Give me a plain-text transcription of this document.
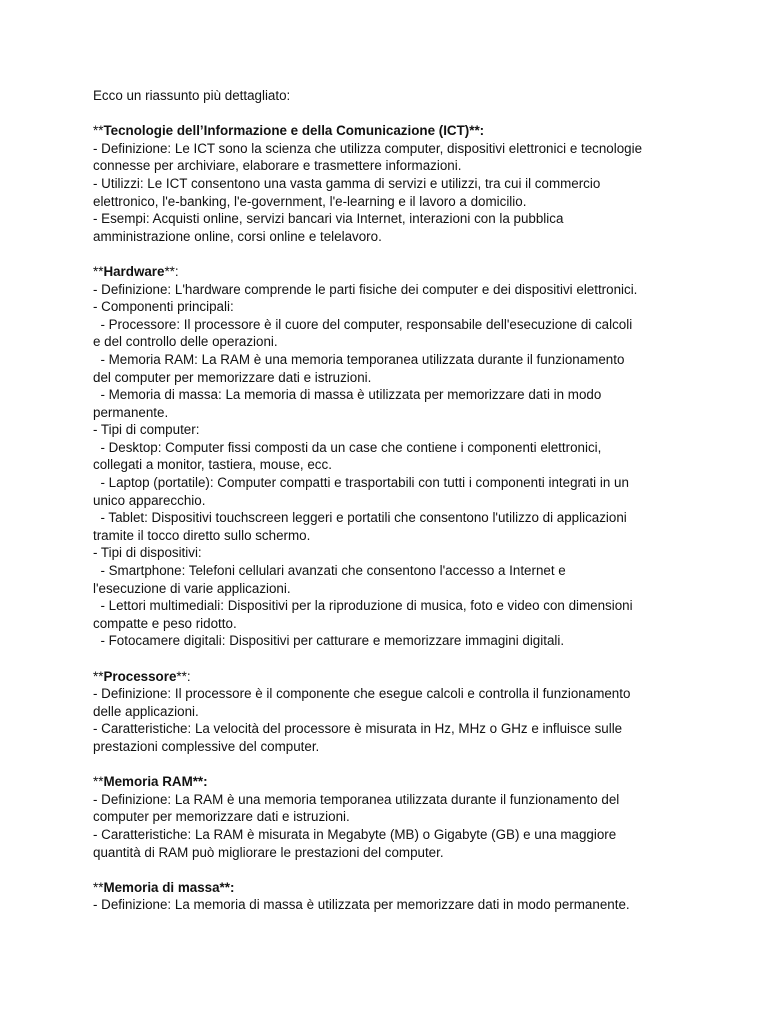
Ecco un riassunto più dettagliato:
**Tecnologie dell’Informazione e della Comunicazione (ICT)**:
- Definizione: Le ICT sono la scienza che utilizza computer, dispositivi elettronici e tecnologie
connesse per archiviare, elaborare e trasmettere informazioni.
- Utilizzi: Le ICT consentono una vasta gamma di servizi e utilizzi, tra cui il commercio
elettronico, l'e-banking, l'e-government, l'e-learning e il lavoro a domicilio.
- Esempi: Acquisti online, servizi bancari via Internet, interazioni con la pubblica
amministrazione online, corsi online e telelavoro.
**Hardware**:
- Definizione: L'hardware comprende le parti fisiche dei computer e dei dispositivi elettronici.
- Componenti principali:
- Processore: Il processore è il cuore del computer, responsabile dell'esecuzione di calcoli
e del controllo delle operazioni.
- Memoria RAM: La RAM è una memoria temporanea utilizzata durante il funzionamento
del computer per memorizzare dati e istruzioni.
- Memoria di massa: La memoria di massa è utilizzata per memorizzare dati in modo
permanente.
- Tipi di computer:
- Desktop: Computer fissi composti da un case che contiene i componenti elettronici,
collegati a monitor, tastiera, mouse, ecc.
- Laptop (portatile): Computer compatti e trasportabili con tutti i componenti integrati in un
unico apparecchio.
- Tablet: Dispositivi touchscreen leggeri e portatili che consentono l'utilizzo di applicazioni
tramite il tocco diretto sullo schermo.
- Tipi di dispositivi:
- Smartphone: Telefoni cellulari avanzati che consentono l'accesso a Internet e
l'esecuzione di varie applicazioni.
- Lettori multimediali: Dispositivi per la riproduzione di musica, foto e video con dimensioni
compatte e peso ridotto.
- Fotocamere digitali: Dispositivi per catturare e memorizzare immagini digitali.
**Processore**:
- Definizione: Il processore è il componente che esegue calcoli e controlla il funzionamento
delle applicazioni.
- Caratteristiche: La velocità del processore è misurata in Hz, MHz o GHz e influisce sulle
prestazioni complessive del computer.
**Memoria RAM**:
- Definizione: La RAM è una memoria temporanea utilizzata durante il funzionamento del
computer per memorizzare dati e istruzioni.
- Caratteristiche: La RAM è misurata in Megabyte (MB) o Gigabyte (GB) e una maggiore
quantità di RAM può migliorare le prestazioni del computer.
**Memoria di massa**:
- Definizione: La memoria di massa è utilizzata per memorizzare dati in modo permanente.
